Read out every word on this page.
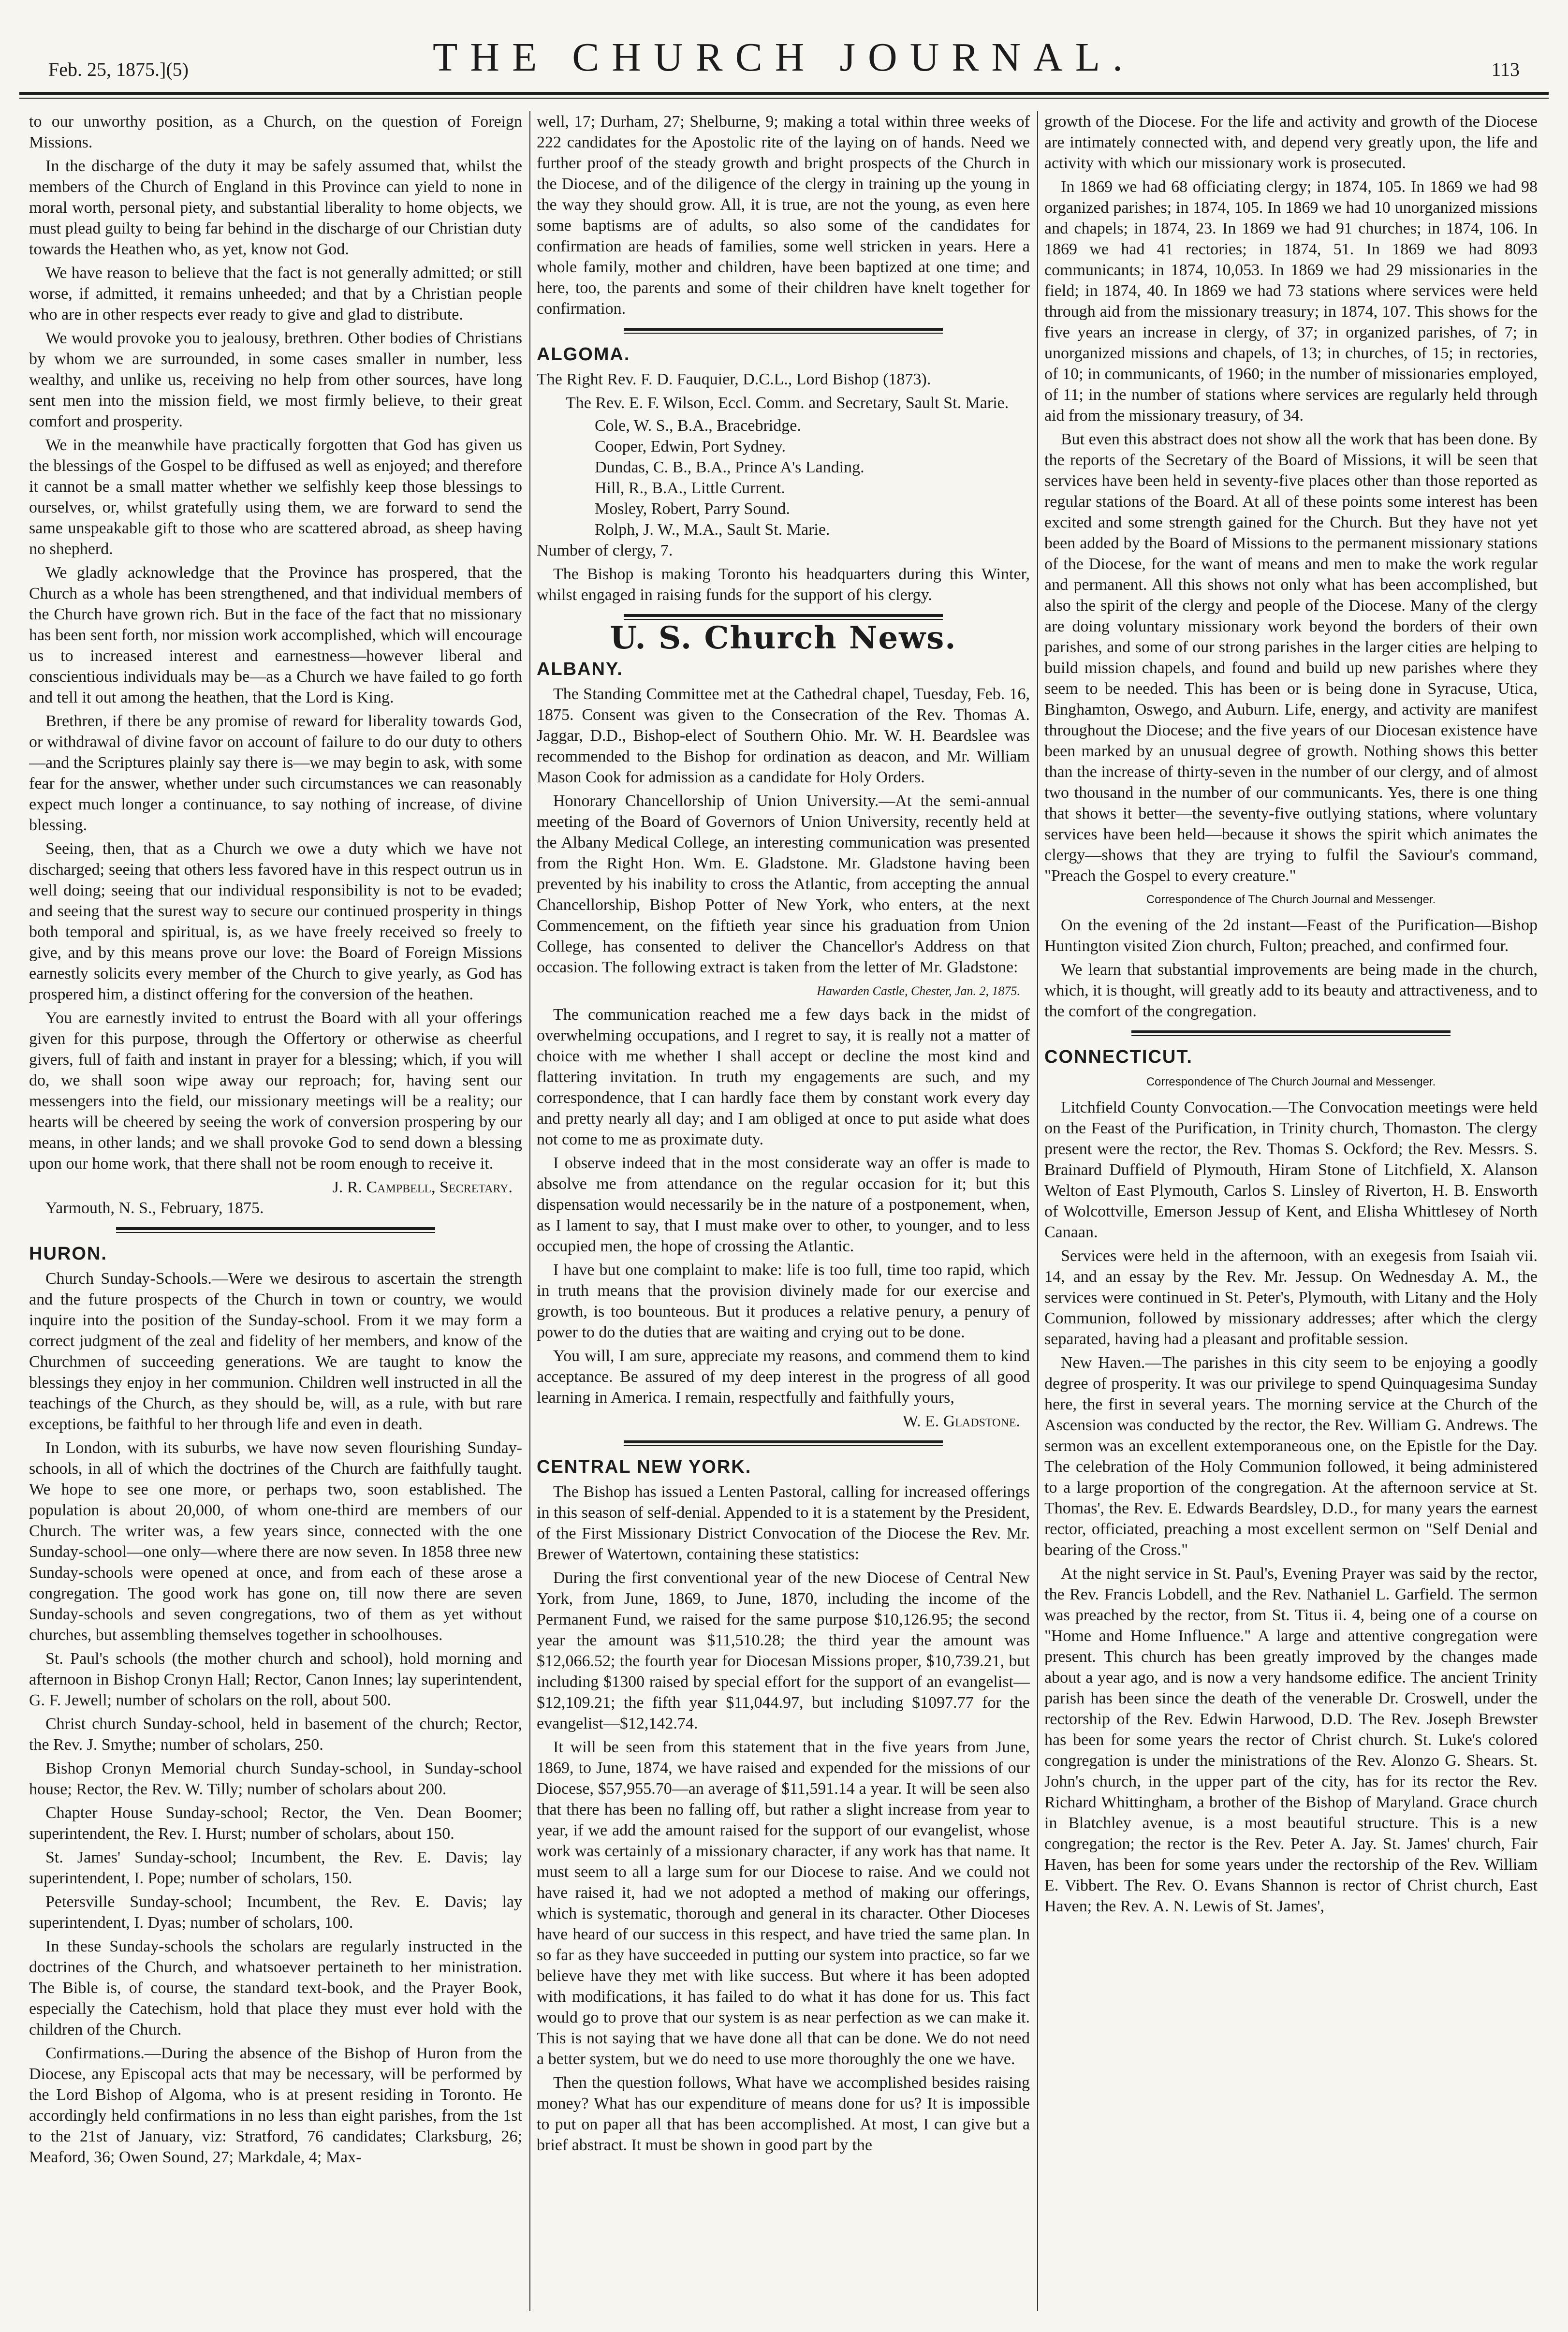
Feb. 25, 1875.](5)	THE CHURCH JOURNAL.	113

to our unworthy position, as a Church, on the question of Foreign Missions.

In the discharge of the duty it may be safely assumed that, whilst the members of the Church of England in this Province can yield to none in moral worth, personal piety, and substantial liberality to home objects, we must plead guilty to being far behind in the discharge of our Christian duty towards the Heathen who, as yet, know not God.

We have reason to believe that the fact is not generally admitted; or still worse, if admitted, it remains unheeded; and that by a Christian people who are in other respects ever ready to give and glad to distribute.

We would provoke you to jealousy, brethren. Other bodies of Christians by whom we are surrounded, in some cases smaller in number, less wealthy, and unlike us, receiving no help from other sources, have long sent men into the mission field, we most firmly believe, to their great comfort and prosperity.

We in the meanwhile have practically forgotten that God has given us the blessings of the Gospel to be diffused as well as enjoyed; and therefore it cannot be a small matter whether we selfishly keep those blessings to ourselves, or, whilst gratefully using them, we are forward to send the same unspeakable gift to those who are scattered abroad, as sheep having no shepherd.

We gladly acknowledge that the Province has prospered, that the Church as a whole has been strengthened, and that individual members of the Church have grown rich. But in the face of the fact that no missionary has been sent forth, nor mission work accomplished, which will encourage us to increased interest and earnestness—however liberal and conscientious individuals may be—as a Church we have failed to go forth and tell it out among the heathen, that the Lord is King.

Brethren, if there be any promise of reward for liberality towards God, or withdrawal of divine favor on account of failure to do our duty to others—and the Scriptures plainly say there is—we may begin to ask, with some fear for the answer, whether under such circumstances we can reasonably expect much longer a continuance, to say nothing of increase, of divine blessing.

Seeing, then, that as a Church we owe a duty which we have not discharged; seeing that others less favored have in this respect outrun us in well doing; seeing that our individual responsibility is not to be evaded; and seeing that the surest way to secure our continued prosperity in things both temporal and spiritual, is, as we have freely received so freely to give, and by this means prove our love: the Board of Foreign Missions earnestly solicits every member of the Church to give yearly, as God has prospered him, a distinct offering for the conversion of the heathen.

You are earnestly invited to entrust the Board with all your offerings given for this purpose, through the Offertory or otherwise as cheerful givers, full of faith and instant in prayer for a blessing; which, if you will do, we shall soon wipe away our reproach; for, having sent our messengers into the field, our missionary meetings will be a reality; our hearts will be cheered by seeing the work of conversion prospering by our means, in other lands; and we shall provoke God to send down a blessing upon our home work, that there shall not be room enough to receive it.

J. R. Campbell, Secretary.
Yarmouth, N. S., February, 1875.
HURON.

Church Sunday-Schools.—Were we desirous to ascertain the strength and the future prospects of the Church in town or country, we would inquire into the position of the Sunday-school. From it we may form a correct judgment of the zeal and fidelity of her members, and know of the Churchmen of succeeding generations. We are taught to know the blessings they enjoy in her communion. Children well instructed in all the teachings of the Church, as they should be, will, as a rule, with but rare exceptions, be faithful to her through life and even in death.

In London, with its suburbs, we have now seven flourishing Sunday-schools, in all of which the doctrines of the Church are faithfully taught. We hope to see one more, or perhaps two, soon established. The population is about 20,000, of whom one-third are members of our Church. The writer was, a few years since, connected with the one Sunday-school—one only—where there are now seven. In 1858 three new Sunday-schools were opened at once, and from each of these arose a congregation. The good work has gone on, till now there are seven Sunday-schools and seven congregations, two of them as yet without churches, but assembling themselves together in schoolhouses.

St. Paul's schools (the mother church and school), hold morning and afternoon in Bishop Cronyn Hall; Rector, Canon Innes; lay superintendent, G. F. Jewell; number of scholars on the roll, about 500.

Christ church Sunday-school, held in basement of the church; Rector, the Rev. J. Smythe; number of scholars, 250.

Bishop Cronyn Memorial church Sunday-school, in Sunday-school house; Rector, the Rev. W. Tilly; number of scholars about 200.

Chapter House Sunday-school; Rector, the Ven. Dean Boomer; superintendent, the Rev. I. Hurst; number of scholars, about 150.

St. James' Sunday-school; Incumbent, the Rev. E. Davis; lay superintendent, I. Pope; number of scholars, 150.

Petersville Sunday-school; Incumbent, the Rev. E. Davis; lay superintendent, I. Dyas; number of scholars, 100.

In these Sunday-schools the scholars are regularly instructed in the doctrines of the Church, and whatsoever pertaineth to her ministration. The Bible is, of course, the standard text-book, and the Prayer Book, especially the Catechism, hold that place they must ever hold with the children of the Church.

Confirmations.—During the absence of the Bishop of Huron from the Diocese, any Episcopal acts that may be necessary, will be performed by the Lord Bishop of Algoma, who is at present residing in Toronto. He accordingly held confirmations in no less than eight parishes, from the 1st to the 21st of January, viz: Stratford, 76 candidates; Clarksburg, 26; Meaford, 36; Owen Sound, 27; Markdale, 4; Max-

well, 17; Durham, 27; Shelburne, 9; making a total within three weeks of 222 candidates for the Apostolic rite of the laying on of hands. Need we further proof of the steady growth and bright prospects of the Church in the Diocese, and of the diligence of the clergy in training up the young in the way they should grow. All, it is true, are not the young, as even here some baptisms are of adults, so also some of the candidates for confirmation are heads of families, some well stricken in years. Here a whole family, mother and children, have been baptized at one time; and here, too, the parents and some of their children have knelt together for confirmation.

ALGOMA.

The Right Rev. F. D. Fauquier, D.C.L., Lord Bishop (1873).

The Rev. E. F. Wilson, Eccl. Comm. and Secretary, Sault St. Marie.

Cole, W. S., B.A., Bracebridge.

Cooper, Edwin, Port Sydney.

Dundas, C. B., B.A., Prince A's Landing.

Hill, R., B.A., Little Current.

Mosley, Robert, Parry Sound.

Rolph, J. W., M.A., Sault St. Marie.

Number of clergy, 7.

The Bishop is making Toronto his headquarters during this Winter, whilst engaged in raising funds for the support of his clergy.

U. S. Church News.
ALBANY.

The Standing Committee met at the Cathedral chapel, Tuesday, Feb. 16, 1875. Consent was given to the Consecration of the Rev. Thomas A. Jaggar, D.D., Bishop-elect of Southern Ohio. Mr. W. H. Beardslee was recommended to the Bishop for ordination as deacon, and Mr. William Mason Cook for admission as a candidate for Holy Orders.

Honorary Chancellorship of Union University.—At the semi-annual meeting of the Board of Governors of Union University, recently held at the Albany Medical College, an interesting communication was presented from the Right Hon. Wm. E. Gladstone. Mr. Gladstone having been prevented by his inability to cross the Atlantic, from accepting the annual Chancellorship, Bishop Potter of New York, who enters, at the next Commencement, on the fiftieth year since his graduation from Union College, has consented to deliver the Chancellor's Address on that occasion. The following extract is taken from the letter of Mr. Gladstone:

Hawarden Castle, Chester, Jan. 2, 1875.

The communication reached me a few days back in the midst of overwhelming occupations, and I regret to say, it is really not a matter of choice with me whether I shall accept or decline the most kind and flattering invitation. In truth my engagements are such, and my correspondence, that I can hardly face them by constant work every day and pretty nearly all day; and I am obliged at once to put aside what does not come to me as proximate duty.

I observe indeed that in the most considerate way an offer is made to absolve me from attendance on the regular occasion for it; but this dispensation would necessarily be in the nature of a postponement, when, as I lament to say, that I must make over to other, to younger, and to less occupied men, the hope of crossing the Atlantic.

I have but one complaint to make: life is too full, time too rapid, which in truth means that the provision divinely made for our exercise and growth, is too bounteous. But it produces a relative penury, a penury of power to do the duties that are waiting and crying out to be done.

You will, I am sure, appreciate my reasons, and commend them to kind acceptance. Be assured of my deep interest in the progress of all good learning in America. I remain, respectfully and faithfully yours,

W. E. Gladstone.
CENTRAL NEW YORK.

The Bishop has issued a Lenten Pastoral, calling for increased offerings in this season of self-denial. Appended to it is a statement by the President, of the First Missionary District Convocation of the Diocese the Rev. Mr. Brewer of Watertown, containing these statistics:

During the first conventional year of the new Diocese of Central New York, from June, 1869, to June, 1870, including the income of the Permanent Fund, we raised for the same purpose $10,126.95; the second year the amount was $11,510.28; the third year the amount was $12,066.52; the fourth year for Diocesan Missions proper, $10,739.21, but including $1300 raised by special effort for the support of an evangelist—$12,109.21; the fifth year $11,044.97, but including $1097.77 for the evangelist—$12,142.74.

It will be seen from this statement that in the five years from June, 1869, to June, 1874, we have raised and expended for the missions of our Diocese, $57,955.70—an average of $11,591.14 a year. It will be seen also that there has been no falling off, but rather a slight increase from year to year, if we add the amount raised for the support of our evangelist, whose work was certainly of a missionary character, if any work has that name. It must seem to all a large sum for our Diocese to raise. And we could not have raised it, had we not adopted a method of making our offerings, which is systematic, thorough and general in its character. Other Dioceses have heard of our success in this respect, and have tried the same plan. In so far as they have succeeded in putting our system into practice, so far we believe have they met with like success. But where it has been adopted with modifications, it has failed to do what it has done for us. This fact would go to prove that our system is as near perfection as we can make it. This is not saying that we have done all that can be done. We do not need a better system, but we do need to use more thoroughly the one we have.

Then the question follows, What have we accomplished besides raising money? What has our expenditure of means done for us? It is impossible to put on paper all that has been accomplished. At most, I can give but a brief abstract. It must be shown in good part by the

growth of the Diocese. For the life and activity and growth of the Diocese are intimately connected with, and depend very greatly upon, the life and activity with which our missionary work is prosecuted.

In 1869 we had 68 officiating clergy; in 1874, 105. In 1869 we had 98 organized parishes; in 1874, 105. In 1869 we had 10 unorganized missions and chapels; in 1874, 23. In 1869 we had 91 churches; in 1874, 106. In 1869 we had 41 rectories; in 1874, 51. In 1869 we had 8093 communicants; in 1874, 10,053. In 1869 we had 29 missionaries in the field; in 1874, 40. In 1869 we had 73 stations where services were held through aid from the missionary treasury; in 1874, 107. This shows for the five years an increase in clergy, of 37; in organized parishes, of 7; in unorganized missions and chapels, of 13; in churches, of 15; in rectories, of 10; in communicants, of 1960; in the number of missionaries employed, of 11; in the number of stations where services are regularly held through aid from the missionary treasury, of 34.

But even this abstract does not show all the work that has been done. By the reports of the Secretary of the Board of Missions, it will be seen that services have been held in seventy-five places other than those reported as regular stations of the Board. At all of these points some interest has been excited and some strength gained for the Church. But they have not yet been added by the Board of Missions to the permanent missionary stations of the Diocese, for the want of means and men to make the work regular and permanent. All this shows not only what has been accomplished, but also the spirit of the clergy and people of the Diocese. Many of the clergy are doing voluntary missionary work beyond the borders of their own parishes, and some of our strong parishes in the larger cities are helping to build mission chapels, and found and build up new parishes where they seem to be needed. This has been or is being done in Syracuse, Utica, Binghamton, Oswego, and Auburn. Life, energy, and activity are manifest throughout the Diocese; and the five years of our Diocesan existence have been marked by an unusual degree of growth. Nothing shows this better than the increase of thirty-seven in the number of our clergy, and of almost two thousand in the number of our communicants. Yes, there is one thing that shows it better—the seventy-five outlying stations, where voluntary services have been held—because it shows the spirit which animates the clergy—shows that they are trying to fulfil the Saviour's command, "Preach the Gospel to every creature."

Correspondence of The Church Journal and Messenger.

On the evening of the 2d instant—Feast of the Purification—Bishop Huntington visited Zion church, Fulton; preached, and confirmed four.

We learn that substantial improvements are being made in the church, which, it is thought, will greatly add to its beauty and attractiveness, and to the comfort of the congregation.

CONNECTICUT.
Correspondence of The Church Journal and Messenger.

Litchfield County Convocation.—The Convocation meetings were held on the Feast of the Purification, in Trinity church, Thomaston. The clergy present were the rector, the Rev. Thomas S. Ockford; the Rev. Messrs. S. Brainard Duffield of Plymouth, Hiram Stone of Litchfield, X. Alanson Welton of East Plymouth, Carlos S. Linsley of Riverton, H. B. Ensworth of Wolcottville, Emerson Jessup of Kent, and Elisha Whittlesey of North Canaan.

Services were held in the afternoon, with an exegesis from Isaiah vii. 14, and an essay by the Rev. Mr. Jessup. On Wednesday A. M., the services were continued in St. Peter's, Plymouth, with Litany and the Holy Communion, followed by missionary addresses; after which the clergy separated, having had a pleasant and profitable session.

New Haven.—The parishes in this city seem to be enjoying a goodly degree of prosperity. It was our privilege to spend Quinquagesima Sunday here, the first in several years. The morning service at the Church of the Ascension was conducted by the rector, the Rev. William G. Andrews. The sermon was an excellent extemporaneous one, on the Epistle for the Day. The celebration of the Holy Communion followed, it being administered to a large proportion of the congregation. At the afternoon service at St. Thomas', the Rev. E. Edwards Beardsley, D.D., for many years the earnest rector, officiated, preaching a most excellent sermon on "Self Denial and bearing of the Cross."

At the night service in St. Paul's, Evening Prayer was said by the rector, the Rev. Francis Lobdell, and the Rev. Nathaniel L. Garfield. The sermon was preached by the rector, from St. Titus ii. 4, being one of a course on "Home and Home Influence." A large and attentive congregation were present. This church has been greatly improved by the changes made about a year ago, and is now a very handsome edifice. The ancient Trinity parish has been since the death of the venerable Dr. Croswell, under the rectorship of the Rev. Edwin Harwood, D.D. The Rev. Joseph Brewster has been for some years the rector of Christ church. St. Luke's colored congregation is under the ministrations of the Rev. Alonzo G. Shears. St. John's church, in the upper part of the city, has for its rector the Rev. Richard Whittingham, a brother of the Bishop of Maryland. Grace church in Blatchley avenue, is a most beautiful structure. This is a new congregation; the rector is the Rev. Peter A. Jay. St. James' church, Fair Haven, has been for some years under the rectorship of the Rev. William E. Vibbert. The Rev. O. Evans Shannon is rector of Christ church, East Haven; the Rev. A. N. Lewis of St. James',
